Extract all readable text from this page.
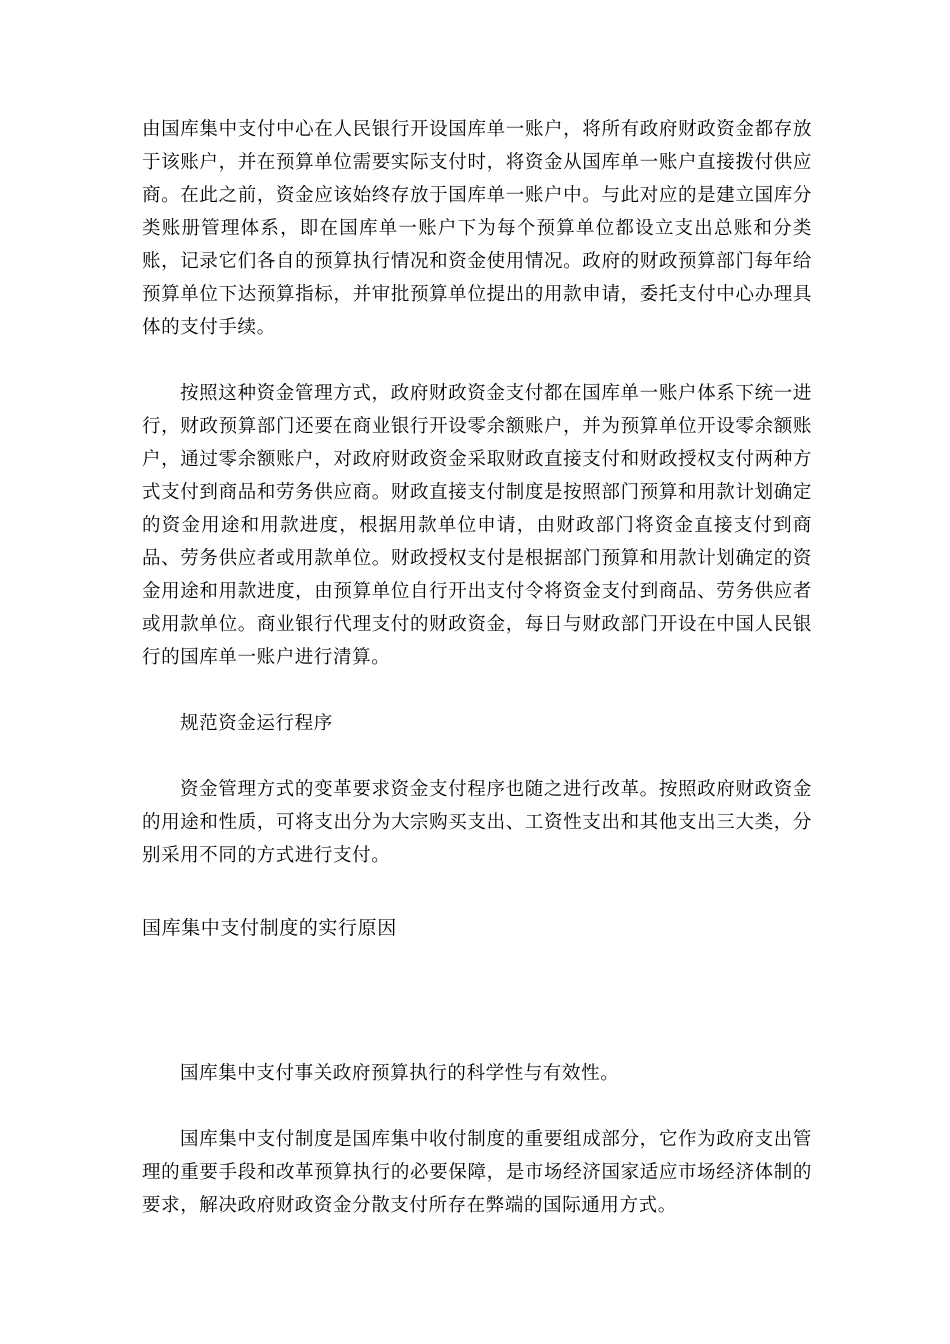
由国库集中支付中心在人民银行开设国库单一账户，将所有政府财政资金都存放于该账户，并在预算单位需要实际支付时，将资金从国库单一账户直接拨付供应商。在此之前，资金应该始终存放于国库单一账户中。与此对应的是建立国库分类账册管理体系，即在国库单一账户下为每个预算单位都设立支出总账和分类账，记录它们各自的预算执行情况和资金使用情况。政府的财政预算部门每年给预算单位下达预算指标，并审批预算单位提出的用款申请，委托支付中心办理具体的支付手续。

按照这种资金管理方式，政府财政资金支付都在国库单一账户体系下统一进行，财政预算部门还要在商业银行开设零余额账户，并为预算单位开设零余额账户，通过零余额账户，对政府财政资金采取财政直接支付和财政授权支付两种方式支付到商品和劳务供应商。财政直接支付制度是按照部门预算和用款计划确定的资金用途和用款进度，根据用款单位申请，由财政部门将资金直接支付到商品、劳务供应者或用款单位。财政授权支付是根据部门预算和用款计划确定的资金用途和用款进度，由预算单位自行开出支付令将资金支付到商品、劳务供应者或用款单位。商业银行代理支付的财政资金，每日与财政部门开设在中国人民银行的国库单一账户进行清算。

规范资金运行程序

资金管理方式的变革要求资金支付程序也随之进行改革。按照政府财政资金的用途和性质，可将支出分为大宗购买支出、工资性支出和其他支出三大类，分别采用不同的方式进行支付。

国库集中支付制度的实行原因

国库集中支付事关政府预算执行的科学性与有效性。

国库集中支付制度是国库集中收付制度的重要组成部分，它作为政府支出管理的重要手段和改革预算执行的必要保障，是市场经济国家适应市场经济体制的要求，解决政府财政资金分散支付所存在弊端的国际通用方式。
